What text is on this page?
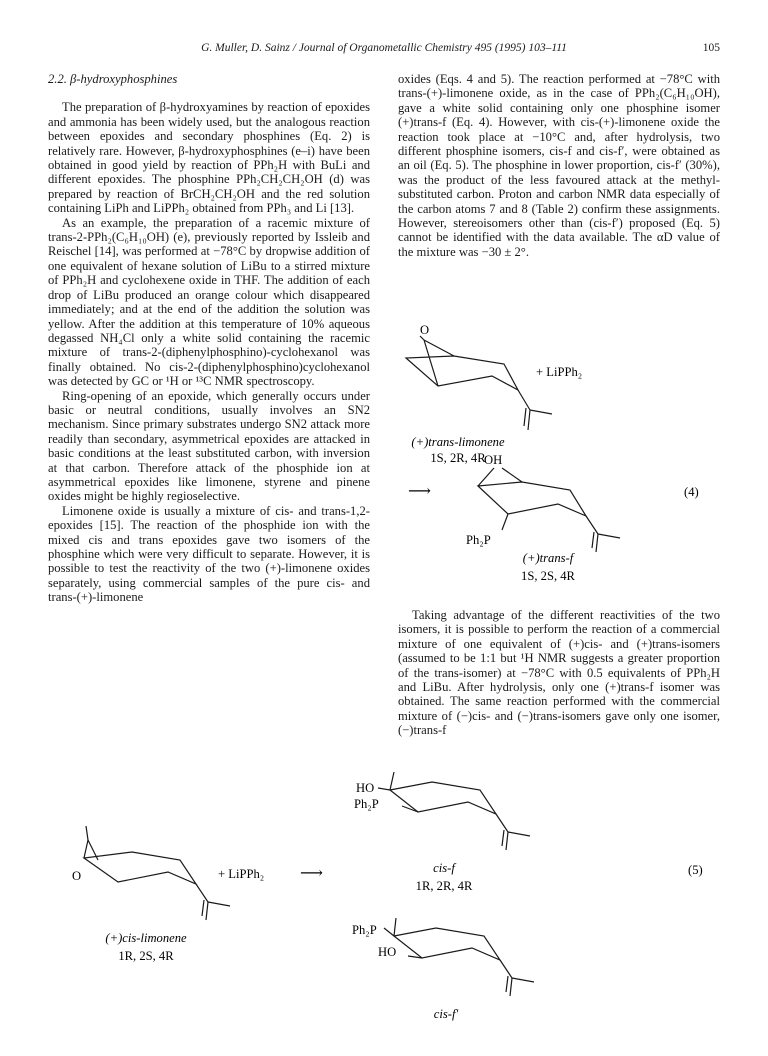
G. Muller, D. Sainz / Journal of Organometallic Chemistry 495 (1995) 103–111	105
2.2. β-hydroxyphosphines

The preparation of β-hydroxyamines by reaction of epoxides and ammonia has been widely used, but the analogous reaction between epoxides and secondary phosphines (Eq. 2) is relatively rare. However, β-hydroxyphosphines (e–i) have been obtained in good yield by reaction of PPh₂H with BuLi and different epoxides. The phosphine PPh₂CH₂CH₂OH (d) was prepared by reaction of BrCH₂CH₂OH and the red solution containing LiPh and LiPPh₂ obtained from PPh₃ and Li [13].

As an example, the preparation of a racemic mixture of trans-2-PPh₂(C₆H₁₀OH) (e), previously reported by Issleib and Reischel [14], was performed at −78°C by dropwise addition of one equivalent of hexane solution of LiBu to a stirred mixture of PPh₂H and cyclohexene oxide in THF. The addition of each drop of LiBu produced an orange colour which disappeared immediately; and at the end of the addition the solution was yellow. After the addition at this temperature of 10% aqueous degassed NH₄Cl only a white solid containing the racemic mixture of trans-2-(diphenylphosphino)-cyclohexanol was finally obtained. No cis-2-(diphenylphosphino)cyclohexanol was detected by GC or ¹H or ¹³C NMR spectroscopy.

Ring-opening of an epoxide, which generally occurs under basic or neutral conditions, usually involves an SN2 mechanism. Since primary substrates undergo SN2 attack more readily than secondary, asymmetrical epoxides are attacked in basic conditions at the least substituted carbon, with inversion at that carbon. Therefore attack of the phosphide ion at asymmetrical epoxides like limonene, styrene and pinene oxides might be highly regioselective.

Limonene oxide is usually a mixture of cis- and trans-1,2-epoxides [15]. The reaction of the phosphide ion with the mixed cis and trans epoxides gave two isomers of the phosphine which were very difficult to separate. However, it is possible to test the reactivity of the two (+)-limonene oxides separately, using commercial samples of the pure cis- and trans-(+)-limonene

oxides (Eqs. 4 and 5). The reaction performed at −78°C with trans-(+)-limonene oxide, as in the case of PPh₂(C₆H₁₀OH), gave a white solid containing only one phosphine isomer (+)trans-f (Eq. 4). However, with cis-(+)-limonene oxide the reaction took place at −10°C and, after hydrolysis, two different phosphine isomers, cis-f and cis-f′, were obtained as an oil (Eq. 5). The phosphine in lower proportion, cis-f′ (30%), was the product of the less favoured attack at the methyl-substituted carbon. Proton and carbon NMR data especially of the carbon atoms 7 and 8 (Table 2) confirm these assignments. However, stereoisomers other than (cis-f′) proposed (Eq. 5) cannot be identified with the data available. The αD value of the mixture was −30 ± 2°.

O
+ LiPPh₂
(+)trans-limonene
1S, 2R, 4R
⟶
OH
Ph₂P
(4)
(+)trans-f
1S, 2S, 4R

Taking advantage of the different reactivities of the two isomers, it is possible to perform the reaction of a commercial mixture of one equivalent of (+)cis- and (+)trans-isomers (assumed to be 1:1 but ¹H NMR suggests a greater proportion of the trans-isomer) at −78°C with 0.5 equivalents of PPh₂H and LiBu. After hydrolysis, only one (+)trans-f isomer was obtained. The same reaction performed with the commercial mixture of (−)cis- and (−)trans-isomers gave only one isomer, (−)trans-f

O	+ LiPPh₂ ⟶
(+)cis-limonene
1R, 2S, 4R
HO
Ph₂P
cis-f
1R, 2R, 4R
(5)
Ph₂P
HO
cis-f′
